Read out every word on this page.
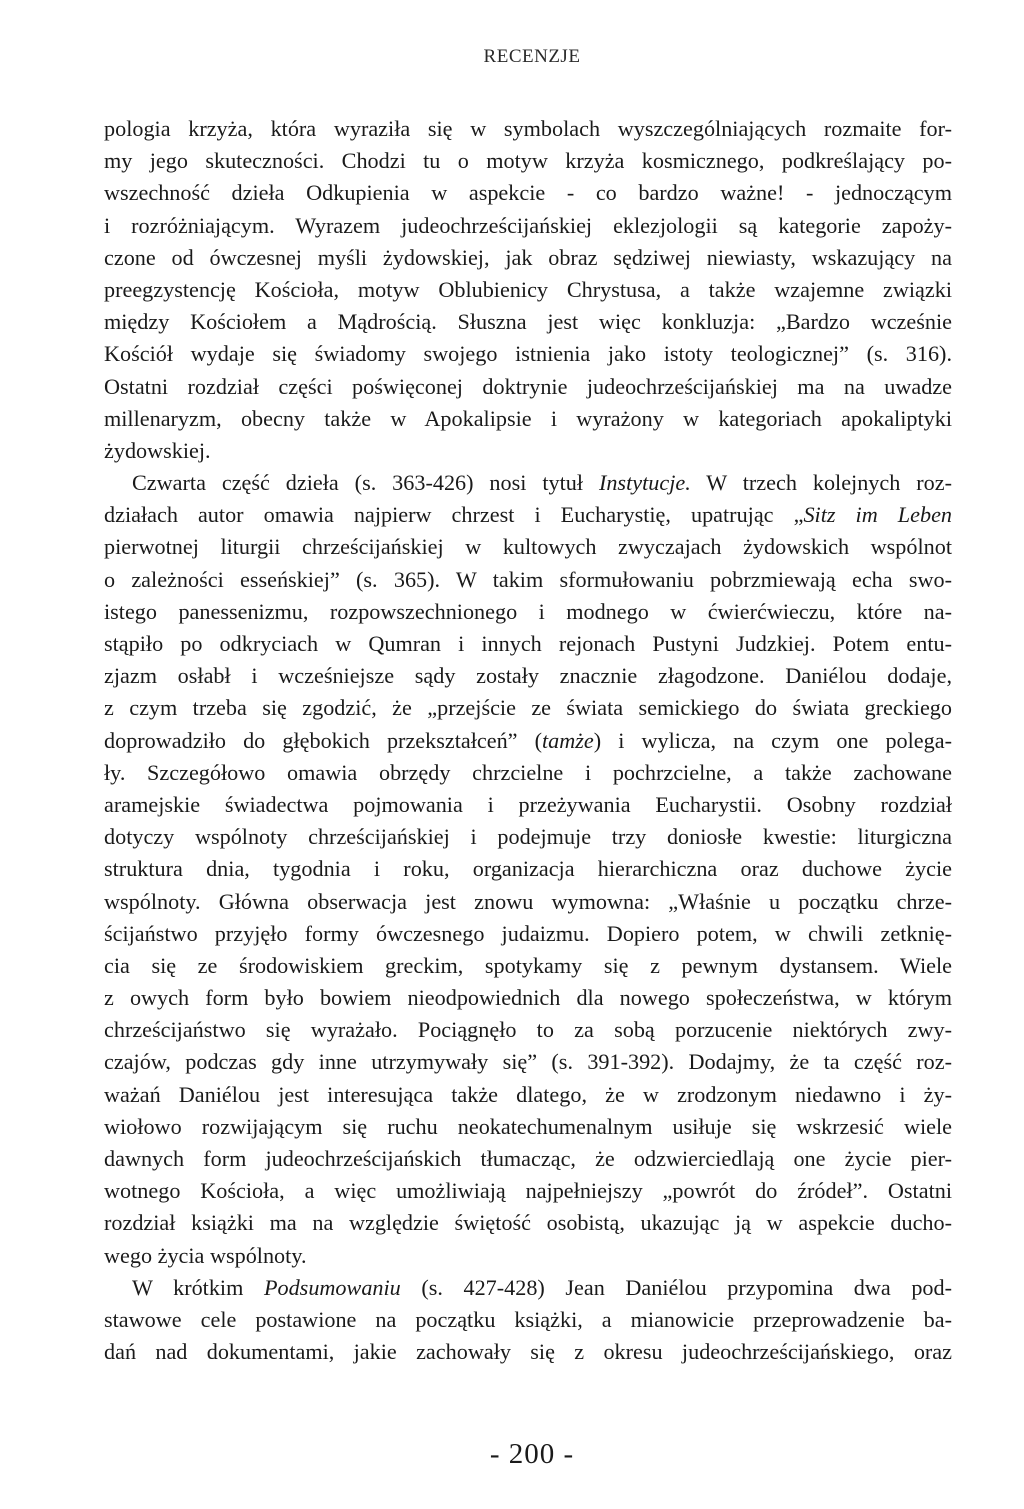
RECENZJE
pologia krzyża, która wyraziła się w symbolach wyszczególniających rozmaite for-
my jego skuteczności. Chodzi tu o motyw krzyża kosmicznego, podkreślający po-
wszechność dzieła Odkupienia w aspekcie - co bardzo ważne! - jednoczącym
i rozróżniającym. Wyrazem judeochrześcijańskiej eklezjologii są kategorie zapoży-
czone od ówczesnej myśli żydowskiej, jak obraz sędziwej niewiasty, wskazujący na
preegzystencję Kościoła, motyw Oblubienicy Chrystusa, a także wzajemne związki
między Kościołem a Mądrością. Słuszna jest więc konkluzja: „Bardzo wcześnie
Kościół wydaje się świadomy swojego istnienia jako istoty teologicznej” (s. 316).
Ostatni rozdział części poświęconej doktrynie judeochrześcijańskiej ma na uwadze
millenaryzm, obecny także w Apokalipsie i wyrażony w kategoriach apokaliptyki
żydowskiej.
Czwarta część dzieła (s. 363-426) nosi tytuł Instytucje. W trzech kolejnych roz-
działach autor omawia najpierw chrzest i Eucharystię, upatrując „Sitz im Leben
pierwotnej liturgii chrześcijańskiej w kultowych zwyczajach żydowskich wspólnot
o zależności esseńskiej” (s. 365). W takim sformułowaniu pobrzmiewają echa swo-
istego panessenizmu, rozpowszechnionego i modnego w ćwierćwieczu, które na-
stąpiło po odkryciach w Qumran i innych rejonach Pustyni Judzkiej. Potem entu-
zjazm osłabł i wcześniejsze sądy zostały znacznie złagodzone. Daniélou dodaje,
z czym trzeba się zgodzić, że „przejście ze świata semickiego do świata greckiego
doprowadziło do głębokich przekształceń” (tamże) i wylicza, na czym one polega-
ły. Szczegółowo omawia obrzędy chrzcielne i pochrzcielne, a także zachowane
aramejskie świadectwa pojmowania i przeżywania Eucharystii. Osobny rozdział
dotyczy wspólnoty chrześcijańskiej i podejmuje trzy doniosłe kwestie: liturgiczna
struktura dnia, tygodnia i roku, organizacja hierarchiczna oraz duchowe życie
wspólnoty. Główna obserwacja jest znowu wymowna: „Właśnie u początku chrze-
ścijaństwo przyjęło formy ówczesnego judaizmu. Dopiero potem, w chwili zetknię-
cia się ze środowiskiem greckim, spotykamy się z pewnym dystansem. Wiele
z owych form było bowiem nieodpowiednich dla nowego społeczeństwa, w którym
chrześcijaństwo się wyrażało. Pociągnęło to za sobą porzucenie niektórych zwy-
czajów, podczas gdy inne utrzymywały się” (s. 391-392). Dodajmy, że ta część roz-
ważań Daniélou jest interesująca także dlatego, że w zrodzonym niedawno i ży-
wiołowo rozwijającym się ruchu neokatechumenalnym usiłuje się wskrzesić wiele
dawnych form judeochrześcijańskich tłumacząc, że odzwierciedlają one życie pier-
wotnego Kościoła, a więc umożliwiają najpełniejszy „powrót do źródeł”. Ostatni
rozdział książki ma na względzie świętość osobistą, ukazując ją w aspekcie ducho-
wego życia wspólnoty.
W krótkim Podsumowaniu (s. 427-428) Jean Daniélou przypomina dwa pod-
stawowe cele postawione na początku książki, a mianowicie przeprowadzenie ba-
dań nad dokumentami, jakie zachowały się z okresu judeochrześcijańskiego, oraz
- 200 -
